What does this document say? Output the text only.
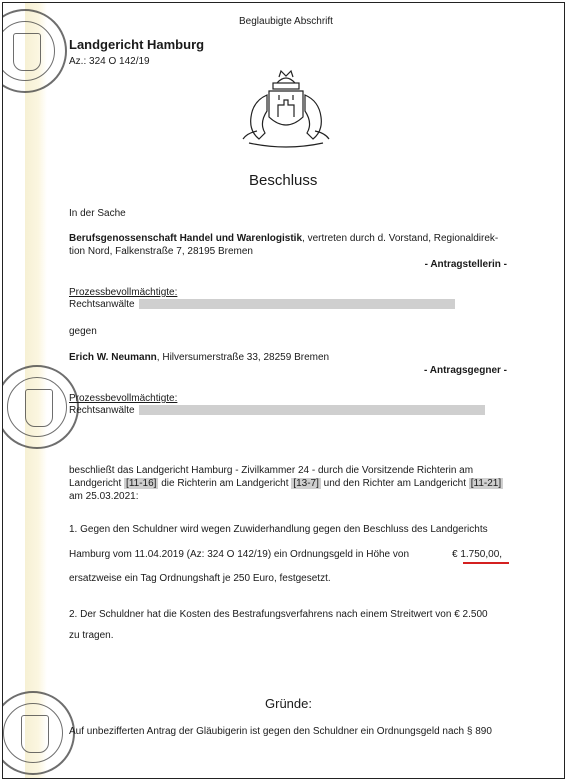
Beglaubigte Abschrift
Landgericht Hamburg
Az.: 324 O 142/19
Beschluss
In der Sache
Berufsgenossenschaft Handel und Warenlogistik, vertreten durch d. Vorstand, Regionaldirek-
tion Nord, Falkenstraße 7, 28195 Bremen
- Antragstellerin -
Prozessbevollmächtigte:
Rechtsanwälte
gegen
Erich W. Neumann, Hilversumerstraße 33, 28259 Bremen
- Antragsgegner -
Prozessbevollmächtigte:
Rechtsanwälte
beschließt das Landgericht Hamburg - Zivilkammer 24 - durch die Vorsitzende Richterin am
Landgericht [11-16] die Richterin am Landgericht [13-7] und den Richter am Landgericht [11-21]
am 25.03.2021:
1. Gegen den Schuldner wird wegen Zuwiderhandlung gegen den Beschluss des Landgerichts
Hamburg vom 11.04.2019 (Az: 324 O 142/19) ein Ordnungsgeld in Höhe von	€ 1.750,00,
ersatzweise ein Tag Ordnungshaft je 250 Euro, festgesetzt.
2. Der Schuldner hat die Kosten des Bestrafungsverfahrens nach einem Streitwert von € 2.500
zu tragen.
Gründe:
Auf unbezifferten Antrag der Gläubigerin ist gegen den Schuldner ein Ordnungsgeld nach § 890
